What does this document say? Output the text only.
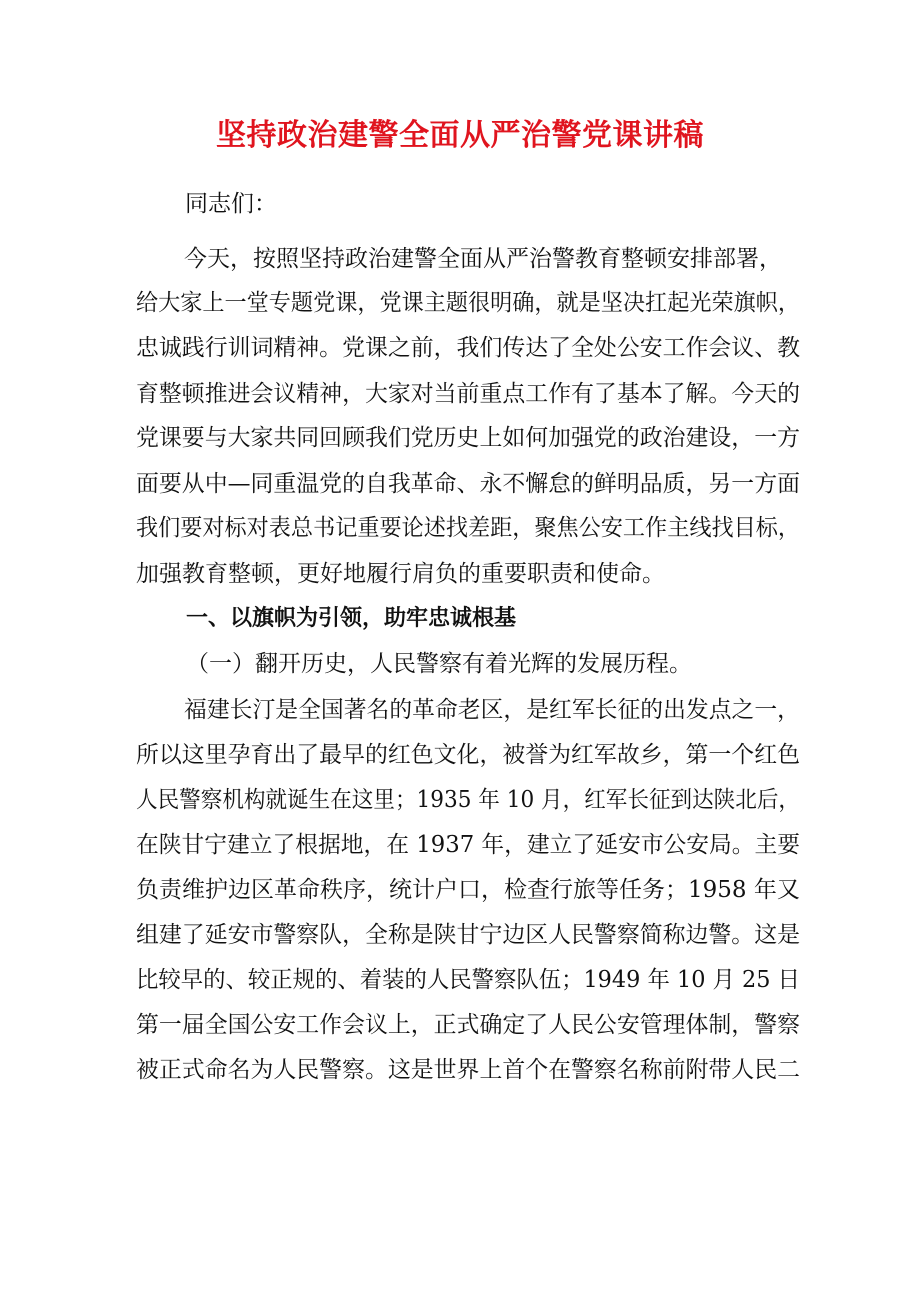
坚持政治建警全面从严治警党课讲稿
同志们：
今天，按照坚持政治建警全面从严治警教育整顿安排部署，
给大家上一堂专题党课，党课主题很明确，就是坚决扛起光荣旗帜，
忠诚践行训词精神。党课之前，我们传达了全处公安工作会议、教
育整顿推进会议精神，大家对当前重点工作有了基本了解。今天的
党课要与大家共同回顾我们党历史上如何加强党的政治建设，一方
面要从中—同重温党的自我革命、永不懈怠的鲜明品质，另一方面
我们要对标对表总书记重要论述找差距，聚焦公安工作主线找目标，
加强教育整顿，更好地履行肩负的重要职责和使命。
一、以旗帜为引领，助牢忠诚根基
（一）翻开历史，人民警察有着光辉的发展历程。
福建长汀是全国著名的革命老区，是红军长征的出发点之一，
所以这里孕育出了最早的红色文化，被誉为红军故乡，第一个红色
人民警察机构就诞生在这里；1935 年 10 月，红军长征到达陕北后，
在陕甘宁建立了根据地，在 1937 年，建立了延安市公安局。主要
负责维护边区革命秩序，统计户口，检查行旅等任务；1958 年又
组建了延安市警察队，全称是陕甘宁边区人民警察简称边警。这是
比较早的、较正规的、着装的人民警察队伍；1949 年 10 月 25 日
第一届全国公安工作会议上，正式确定了人民公安管理体制，警察
被正式命名为人民警察。这是世界上首个在警察名称前附带人民二
